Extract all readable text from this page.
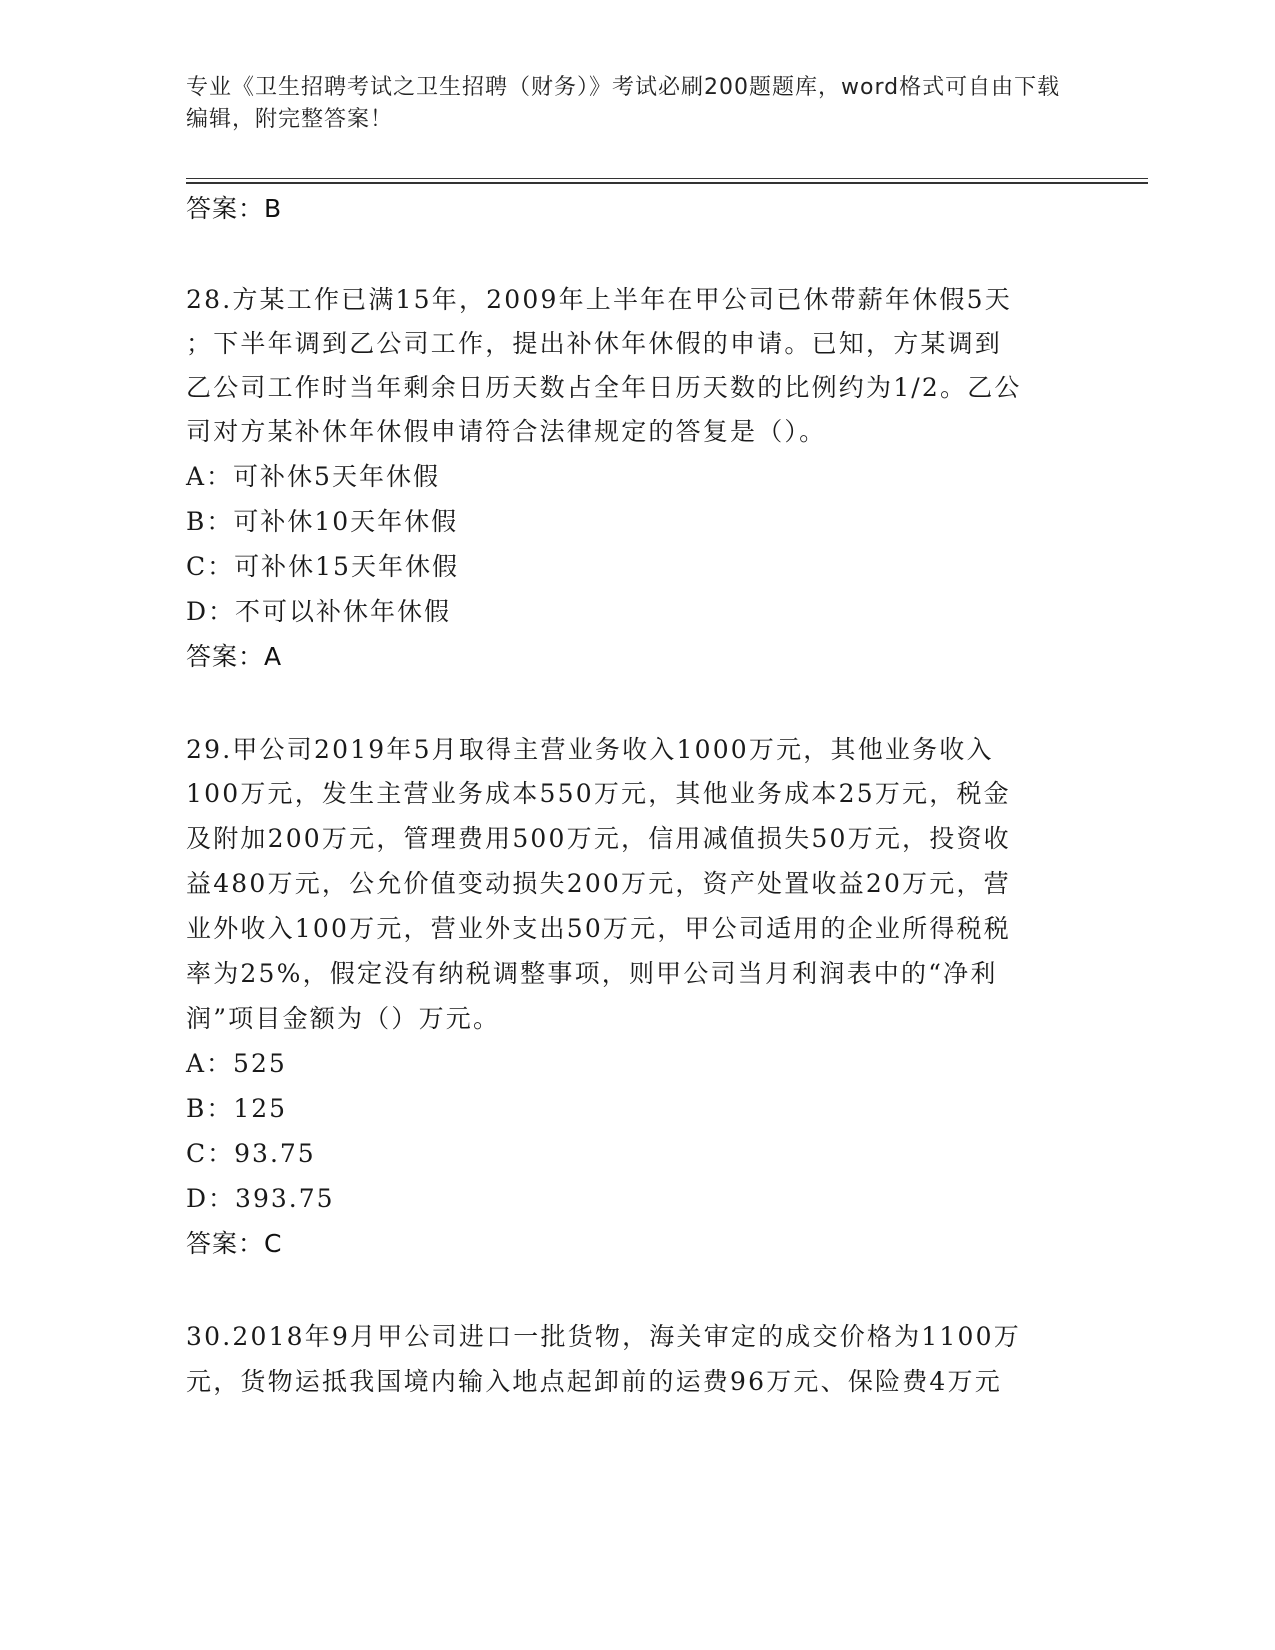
专业《卫生招聘考试之卫生招聘（财务）》考试必刷200题题库，word格式可自由下载编辑，附完整答案！
答案：B
28.方某工作已满15年，2009年上半年在甲公司已休带薪年休假5天
；下半年调到乙公司工作，提出补休年休假的申请。已知，方某调到
乙公司工作时当年剩余日历天数占全年日历天数的比例约为1/2。乙公
司对方某补休年休假申请符合法律规定的答复是（）。
A：可补休5天年休假
B：可补休10天年休假
C：可补休15天年休假
D：不可以补休年休假
答案：A
29.甲公司2019年5月取得主营业务收入1000万元，其他业务收入
100万元，发生主营业务成本550万元，其他业务成本25万元，税金
及附加200万元，管理费用500万元，信用减值损失50万元，投资收
益480万元，公允价值变动损失200万元，资产处置收益20万元，营
业外收入100万元，营业外支出50万元，甲公司适用的企业所得税税
率为25%，假定没有纳税调整事项，则甲公司当月利润表中的“净利
润”项目金额为（）万元。
A：525
B：125
C：93.75
D：393.75
答案：C
30.2018年9月甲公司进口一批货物，海关审定的成交价格为1100万
元，货物运抵我国境内输入地点起卸前的运费96万元、保险费4万元
